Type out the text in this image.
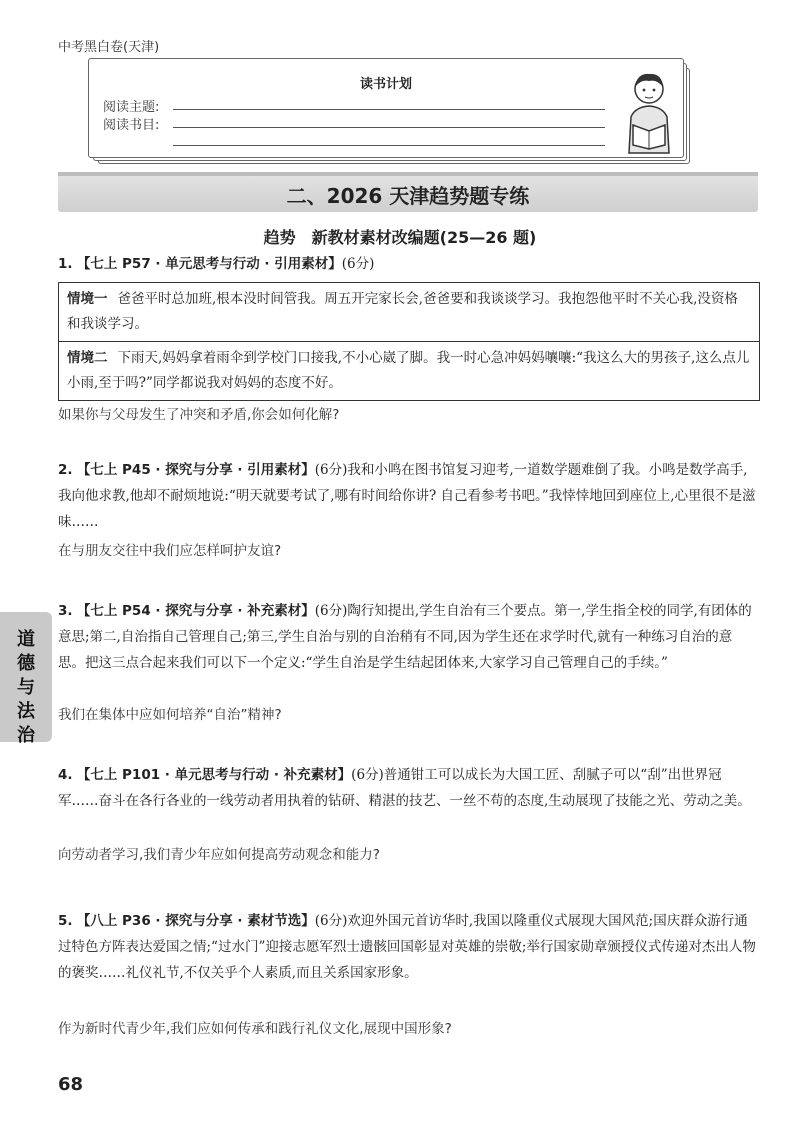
中考黑白卷(天津)
读书计划
阅读主题:
阅读书目:
二、2026 天津趋势题专练
趋势　新教材素材改编题(25—26 题)
1. 【七上 P57 · 单元思考与行动 · 引用素材】(6分)
情境一 爸爸平时总加班,根本没时间管我。周五开完家长会,爸爸要和我谈谈学习。我抱怨他平时不关心我,没资格和我谈学习。
情境二 下雨天,妈妈拿着雨伞到学校门口接我,不小心崴了脚。我一时心急冲妈妈嚷嚷:“我这么大的男孩子,这么点儿小雨,至于吗?”同学都说我对妈妈的态度不好。
如果你与父母发生了冲突和矛盾,你会如何化解?
2. 【七上 P45 · 探究与分享 · 引用素材】(6分)我和小鸣在图书馆复习迎考,一道数学题难倒了我。小鸣是数学高手,我向他求教,他却不耐烦地说:“明天就要考试了,哪有时间给你讲? 自己看参考书吧。”我悻悻地回到座位上,心里很不是滋味……
在与朋友交往中我们应怎样呵护友谊?
3. 【七上 P54 · 探究与分享 · 补充素材】(6分)陶行知提出,学生自治有三个要点。第一,学生指全校的同学,有团体的意思;第二,自治指自己管理自己;第三,学生自治与别的自治稍有不同,因为学生还在求学时代,就有一种练习自治的意思。把这三点合起来我们可以下一个定义:“学生自治是学生结起团体来,大家学习自己管理自己的手续。”
我们在集体中应如何培养“自治”精神?
4. 【七上 P101 · 单元思考与行动 · 补充素材】(6分)普通钳工可以成长为大国工匠、刮腻子可以“刮”出世界冠军……奋斗在各行各业的一线劳动者用执着的钻研、精湛的技艺、一丝不苟的态度,生动展现了技能之光、劳动之美。
向劳动者学习,我们青少年应如何提高劳动观念和能力?
5. 【八上 P36 · 探究与分享 · 素材节选】(6分)欢迎外国元首访华时,我国以隆重仪式展现大国风范;国庆群众游行通过特色方阵表达爱国之情;“过水门”迎接志愿军烈士遗骸回国彰显对英雄的崇敬;举行国家勋章颁授仪式传递对杰出人物的褒奖……礼仪礼节,不仅关乎个人素质,而且关系国家形象。
作为新时代青少年,我们应如何传承和践行礼仪文化,展现中国形象?
道德与法治
68
